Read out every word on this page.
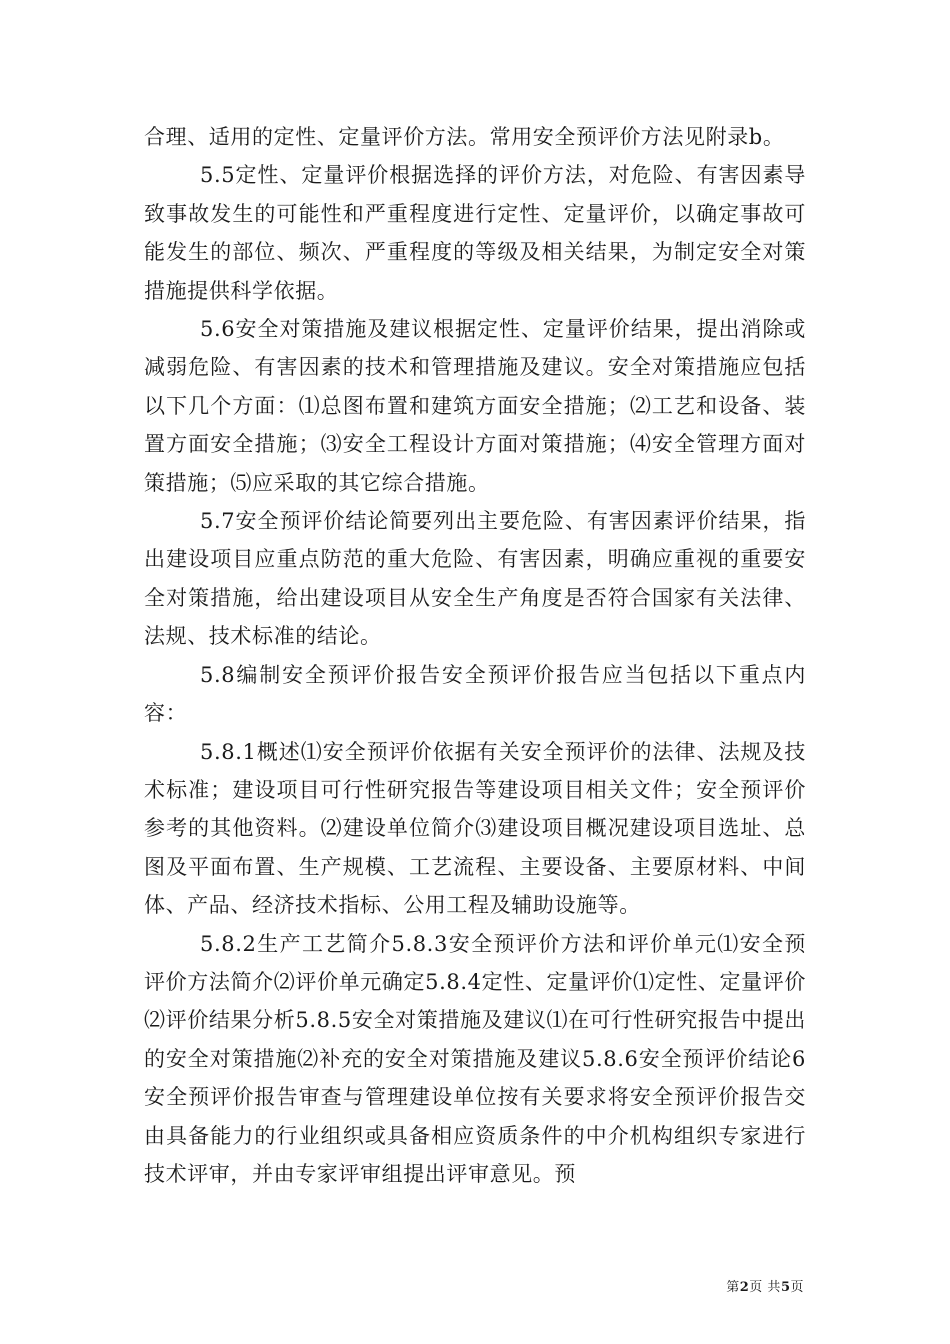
合理、适用的定性、定量评价方法。常用安全预评价方法见附录b。

5.5定性、定量评价根据选择的评价方法，对危险、有害因素导致事故发生的可能性和严重程度进行定性、定量评价，以确定事故可能发生的部位、频次、严重程度的等级及相关结果，为制定安全对策措施提供科学依据。

5.6安全对策措施及建议根据定性、定量评价结果，提出消除或减弱危险、有害因素的技术和管理措施及建议。安全对策措施应包括以下几个方面：⑴总图布置和建筑方面安全措施；⑵工艺和设备、装置方面安全措施；⑶安全工程设计方面对策措施；⑷安全管理方面对策措施；⑸应采取的其它综合措施。

5.7安全预评价结论简要列出主要危险、有害因素评价结果，指出建设项目应重点防范的重大危险、有害因素，明确应重视的重要安全对策措施，给出建设项目从安全生产角度是否符合国家有关法律、法规、技术标准的结论。

5.8编制安全预评价报告安全预评价报告应当包括以下重点内容：

5.8.1概述⑴安全预评价依据有关安全预评价的法律、法规及技术标准；建设项目可行性研究报告等建设项目相关文件；安全预评价参考的其他资料。⑵建设单位简介⑶建设项目概况建设项目选址、总图及平面布置、生产规模、工艺流程、主要设备、主要原材料、中间体、产品、经济技术指标、公用工程及辅助设施等。

5.8.2生产工艺简介5.8.3安全预评价方法和评价单元⑴安全预评价方法简介⑵评价单元确定5.8.4定性、定量评价⑴定性、定量评价⑵评价结果分析5.8.5安全对策措施及建议⑴在可行性研究报告中提出的安全对策措施⑵补充的安全对策措施及建议5.8.6安全预评价结论6安全预评价报告审查与管理建设单位按有关要求将安全预评价报告交由具备能力的行业组织或具备相应资质条件的中介机构组织专家进行技术评审，并由专家评审组提出评审意见。预

第2页 共5页
